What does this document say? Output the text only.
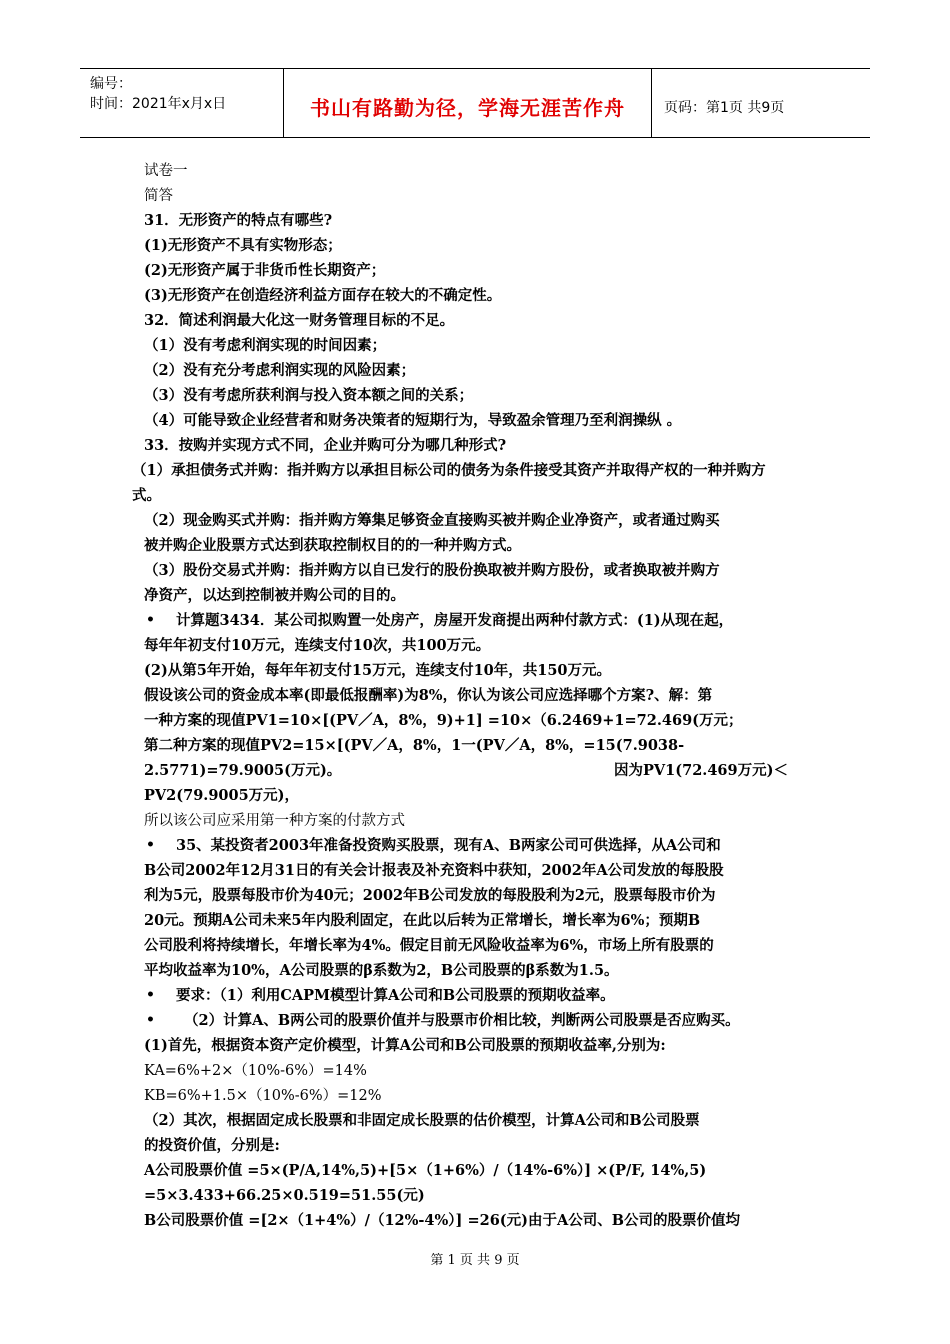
编号：
时间：2021年x月x日	书山有路勤为径，学海无涯苦作舟	页码：第1页 共9页
试卷一
简答
31．无形资产的特点有哪些?
(1)无形资产不具有实物形态；
(2)无形资产属于非货币性长期资产；
(3)无形资产在创造经济利益方面存在较大的不确定性。
32．简述利润最大化这一财务管理目标的不足。
（1）没有考虑利润实现的时间因素；
（2）没有充分考虑利润实现的风险因素；
（3）没有考虑所获利润与投入资本额之间的关系；
（4）可能导致企业经营者和财务决策者的短期行为，导致盈余管理乃至利润操纵 。
33．按购并实现方式不同，企业并购可分为哪几种形式?
（1）承担债务式并购：指并购方以承担目标公司的债务为条件接受其资产并取得产权的一种并购方
式。
（2）现金购买式并购：指并购方筹集足够资金直接购买被并购企业净资产，或者通过购买
被并购企业股票方式达到获取控制权目的的一种并购方式。
（3）股份交易式并购：指并购方以自已发行的股份换取被并购方股份，或者换取被并购方
净资产，以达到控制被并购公司的目的。
• 计算题3434．某公司拟购置一处房产，房屋开发商提出两种付款方式：(1)从现在起，
每年年初支付10万元，连续支付10次，共100万元。
(2)从第5年开始，每年年初支付15万元，连续支付10年，共150万元。
假设该公司的资金成本率(即最低报酬率)为8%，你认为该公司应选择哪个方案?、解：第
一种方案的现值PV1=10×[(PV／A，8%，9)+1] =10×（6.2469+1=72.469(万元；
第二种方案的现值PV2=15×[(PV／A，8%，1一(PV／A，8%，=15(7.9038-
2.5771)=79.9005(万元)。	因为PV1(72.469万元)＜
PV2(79.9005万元)，
所以该公司应采用第一种方案的付款方式
• 35、某投资者2003年准备投资购买股票，现有A、B两家公司可供选择，从A公司和
B公司2002年12月31日的有关会计报表及补充资料中获知，2002年A公司发放的每股股
利为5元，股票每股市价为40元；2002年B公司发放的每股股利为2元，股票每股市价为
20元。预期A公司未来5年内股利固定，在此以后转为正常增长，增长率为6%；预期B
公司股利将持续增长，年增长率为4%。假定目前无风险收益率为6%，市场上所有股票的
平均收益率为10%，A公司股票的β系数为2，B公司股票的β系数为1.5。
• 要求：（1）利用CAPM模型计算A公司和B公司股票的预期收益率。
• （2）计算A、B两公司的股票价值并与股票市价相比较，判断两公司股票是否应购买。
(1)首先，根据资本资产定价模型，计算A公司和B公司股票的预期收益率,分别为:
KA=6%+2×（10%-6%）=14%
KB=6%+1.5×（10%-6%）=12%
（2）其次，根据固定成长股票和非固定成长股票的估价模型，计算A公司和B公司股票
的投资价值，分别是:
A公司股票价值 =5×(P/A,14%,5)+[5×（1+6%）/（14%-6%）] ×(P/F, 14%,5)
=5×3.433+66.25×0.519=51.55(元)
B公司股票价值 =[2×（1+4%）/（12%-4%）] =26(元)由于A公司、B公司的股票价值均
第 1 页 共 9 页
